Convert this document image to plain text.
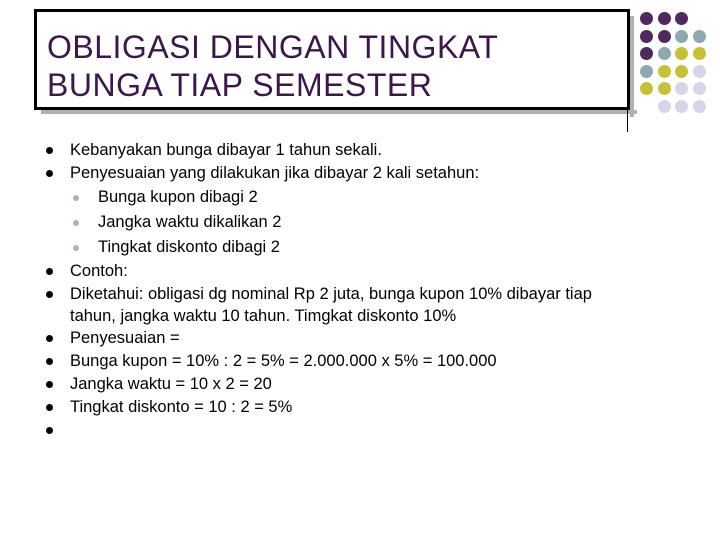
OBLIGASI DENGAN TINGKAT
BUNGA TIAP SEMESTER
Kebanyakan bunga dibayar 1 tahun sekali.
Penyesuaian yang dilakukan jika dibayar 2 kali setahun:
Bunga kupon dibagi 2
Jangka waktu dikalikan 2
Tingkat diskonto dibagi 2
Contoh:
Diketahui: obligasi dg nominal Rp 2 juta, bunga kupon 10% dibayar tiap
tahun, jangka waktu 10 tahun. Timgkat diskonto 10%
Penyesuaian =
Bunga kupon = 10% : 2 = 5% = 2.000.000 x 5% = 100.000
Jangka waktu = 10 x 2 = 20
Tingkat diskonto = 10 : 2 = 5%
